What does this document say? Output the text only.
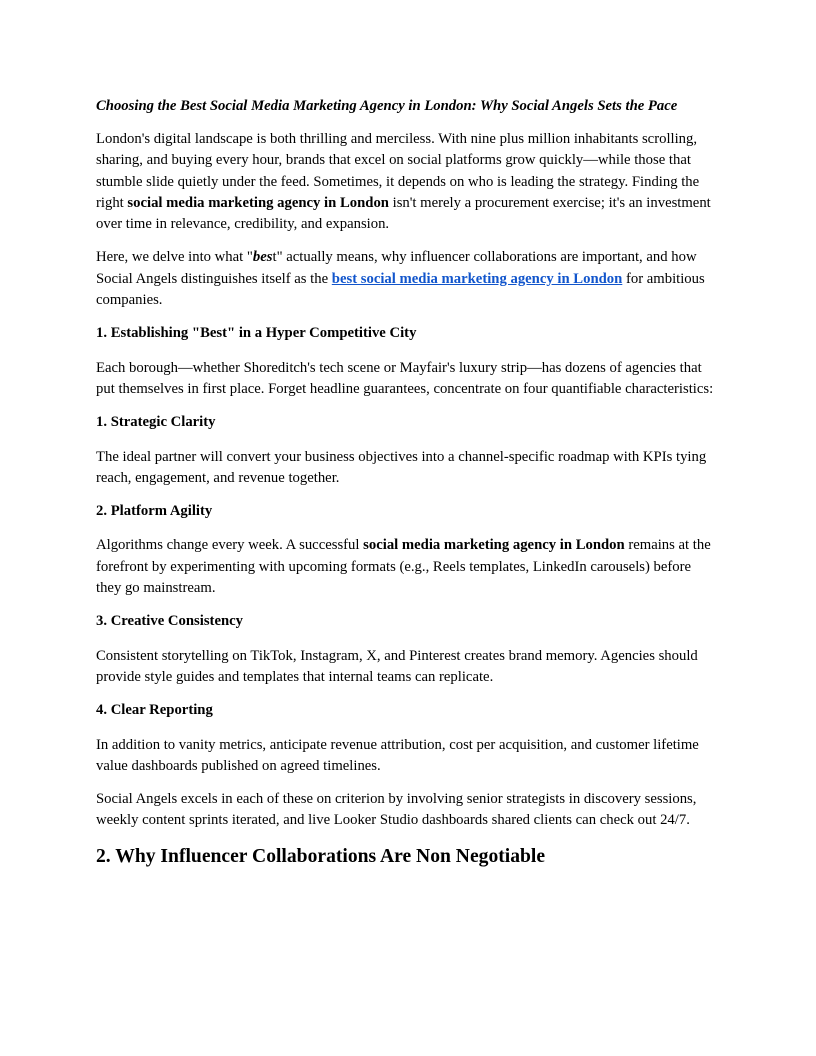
Choosing the Best Social Media Marketing Agency in London: Why Social Angels Sets the Pace

London's digital landscape is both thrilling and merciless. With nine plus million inhabitants scrolling, sharing, and buying every hour, brands that excel on social platforms grow quickly—while those that stumble slide quietly under the feed. Sometimes, it depends on who is leading the strategy. Finding the right social media marketing agency in London isn't merely a procurement exercise; it's an investment over time in relevance, credibility, and expansion.

Here, we delve into what "best" actually means, why influencer collaborations are important, and how Social Angels distinguishes itself as the best social media marketing agency in London for ambitious companies.

1. Establishing "Best" in a Hyper Competitive City

Each borough—whether Shoreditch's tech scene or Mayfair's luxury strip—has dozens of agencies that put themselves in first place. Forget headline guarantees, concentrate on four quantifiable characteristics:

1. Strategic Clarity

The ideal partner will convert your business objectives into a channel-specific roadmap with KPIs tying reach, engagement, and revenue together.

2. Platform Agility

Algorithms change every week. A successful social media marketing agency in London remains at the forefront by experimenting with upcoming formats (e.g., Reels templates, LinkedIn carousels) before they go mainstream.

3. Creative Consistency

Consistent storytelling on TikTok, Instagram, X, and Pinterest creates brand memory. Agencies should provide style guides and templates that internal teams can replicate.

4. Clear Reporting

In addition to vanity metrics, anticipate revenue attribution, cost per acquisition, and customer lifetime value dashboards published on agreed timelines.

Social Angels excels in each of these on criterion by involving senior strategists in discovery sessions, weekly content sprints iterated, and live Looker Studio dashboards shared clients can check out 24/7.

2. Why Influencer Collaborations Are Non Negotiable
